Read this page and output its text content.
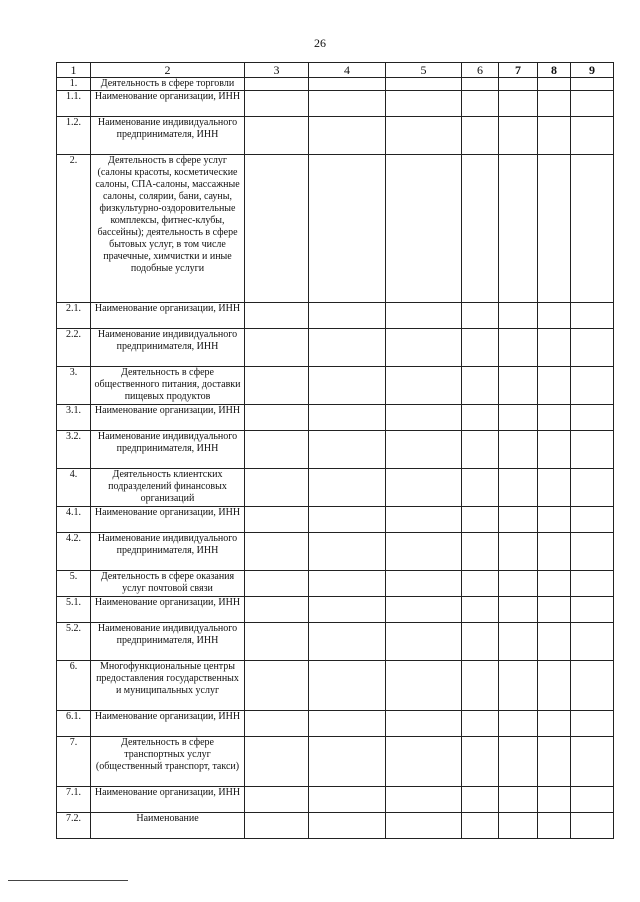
26
1	2	3	4	5	6	7	8	9
1.	Деятельность в сфере торговли							
1.1.	Наименование организации, ИНН							
1.2.	Наименование индивидуального предпринимателя, ИНН							
2.	Деятельность в сфере услуг (салоны красоты, косметические салоны, СПА-салоны, массажные салоны, солярии, бани, сауны, физкультурно-оздоровительные комплексы, фитнес-клубы, бассейны); деятельность в сфере бытовых услуг, в том числе прачечные, химчистки и иные подобные услуги							
2.1.	Наименование организации, ИНН							
2.2.	Наименование индивидуального предпринимателя, ИНН							
3.	Деятельность в сфере общественного питания, доставки пищевых продуктов							
3.1.	Наименование организации, ИНН							
3.2.	Наименование индивидуального предпринимателя, ИНН							
4.	Деятельность клиентских подразделений финансовых организаций							
4.1.	Наименование организации, ИНН							
4.2.	Наименование индивидуального предпринимателя, ИНН							
5.	Деятельность в сфере оказания услуг почтовой связи							
5.1.	Наименование организации, ИНН							
5.2.	Наименование индивидуального предпринимателя, ИНН							
6.	Многофункциональные центры предоставления государственных и муниципальных услуг							
6.1.	Наименование организации, ИНН							
7.	Деятельность в сфере транспортных услуг (общественный транспорт, такси)							
7.1.	Наименование организации, ИНН							
7.2.	Наименование							
